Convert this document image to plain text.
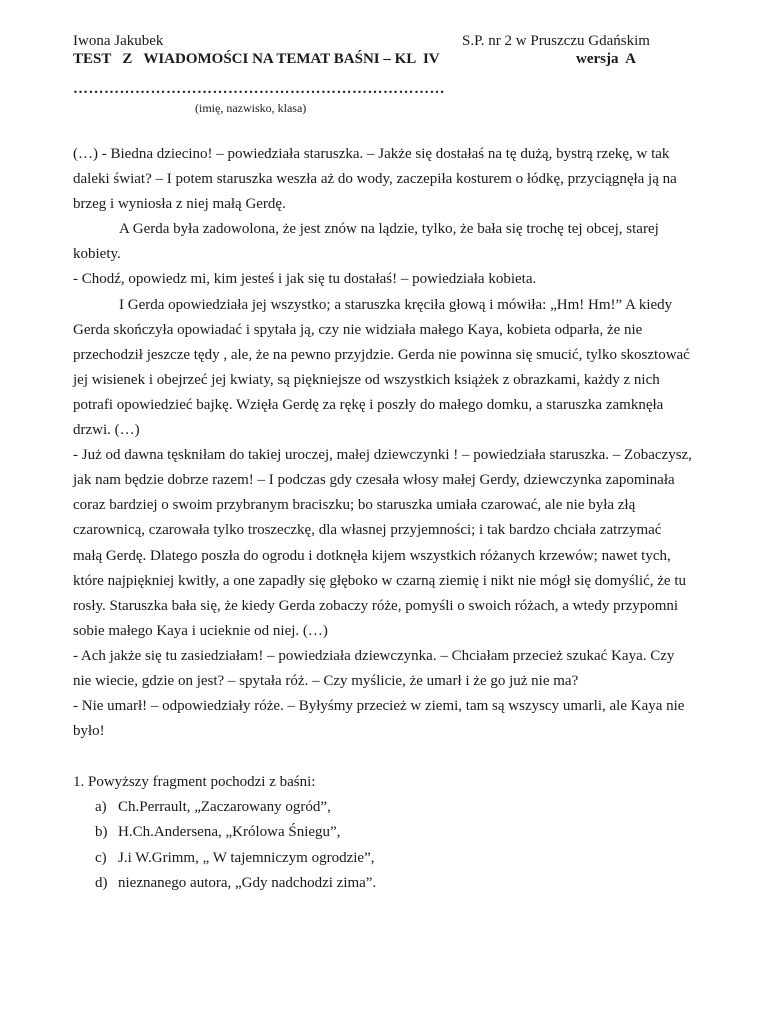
Iwona Jakubek	S.P. nr 2 w Pruszczu Gdańskim
TEST   Z   WIADOMOŚCI NA TEMAT BAŚNI – KL  IV	wersja  A
………………………………………………………………
(imię, nazwisko, klasa)

(…) - Biedna dziecino! – powiedziała staruszka. – Jakże się dostałaś na tę dużą, bystrą rzekę, w tak daleki świat? – I potem staruszka weszła aż do wody, zaczepiła kosturem o łódkę, przyciągnęła ją na brzeg i wyniosła z niej małą Gerdę.

A Gerda była zadowolona, że jest znów na lądzie, tylko, że bała się trochę tej obcej, starej kobiety.

- Chodź, opowiedz mi, kim jesteś i jak się tu dostałaś! – powiedziała kobieta.

I Gerda opowiedziała jej wszystko; a staruszka kręciła głową i mówiła: „Hm! Hm!” A kiedy Gerda skończyła opowiadać i spytała ją, czy nie widziała małego Kaya, kobieta odparła, że nie przechodził jeszcze tędy , ale, że na pewno przyjdzie. Gerda nie powinna się smucić, tylko skosztować jej wisienek i obejrzeć jej kwiaty, są piękniejsze od wszystkich książek z obrazkami, każdy z nich potrafi opowiedzieć bajkę. Wzięła Gerdę za rękę i poszły do małego domku, a staruszka zamknęła drzwi. (…)

- Już od dawna tęskniłam do takiej uroczej, małej dziewczynki ! – powiedziała staruszka. – Zobaczysz, jak nam będzie dobrze razem! – I podczas gdy czesała włosy małej Gerdy, dziewczynka zapominała coraz bardziej o swoim przybranym braciszku; bo staruszka umiała czarować, ale nie była złą czarownicą, czarowała tylko troszeczkę, dla własnej przyjemności; i tak bardzo chciała zatrzymać małą Gerdę. Dlatego poszła do ogrodu i dotknęła kijem wszystkich różanych krzewów; nawet tych, które najpiękniej kwitły, a one zapadły się głęboko w czarną ziemię i nikt nie mógł się domyślić, że tu rosły. Staruszka bała się, że kiedy Gerda zobaczy róże, pomyśli o swoich różach, a wtedy przypomni sobie małego Kaya i ucieknie od niej. (…)

- Ach jakże się tu zasiedziałam! – powiedziała dziewczynka. – Chciałam przecież szukać Kaya. Czy nie wiecie, gdzie on jest? – spytała róż. – Czy myślicie, że umarł i że go już nie ma?

- Nie umarł! – odpowiedziały róże. – Byłyśmy przecież w ziemi, tam są wszyscy umarli, ale Kaya nie było!

1. Powyższy fragment pochodzi z baśni:

a) Ch.Perrault, „Zaczarowany ogród”,
b) H.Ch.Andersena, „Królowa Śniegu”,
c) J.i W.Grimm, „ W tajemniczym ogrodzie”,
d) nieznanego autora, „Gdy nadchodzi zima”.
